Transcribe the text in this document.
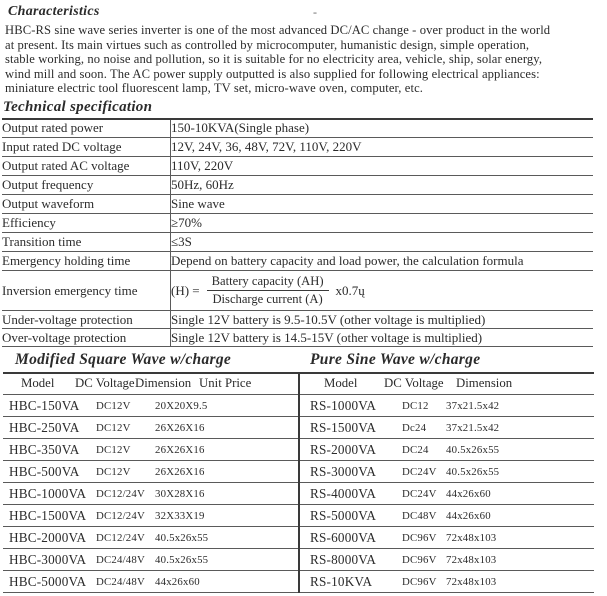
-
Characteristics
HBC-RS sine wave series inverter is one of the most advanced DC/AC change - over product in the world
at present. Its main virtues such as controlled by microcomputer, humanistic design, simple operation,
stable working, no noise and pollution, so it is suitable for no electricity area, vehicle, ship, solar energy,
wind mill and soon. The AC power supply outputted is also supplied for following electrical appliances:
miniature electric tool fluorescent lamp, TV set, micro-wave oven, computer, etc.
Technical specification
Output rated power	150-10KVA(Single phase)
Input rated DC voltage	12V, 24V, 36, 48V, 72V, 110V, 220V
Output rated AC voltage	110V, 220V
Output frequency	50Hz, 60Hz
Output waveform	Sine wave
Efficiency	≥70%
Transition time	≤3S
Emergency holding time	Depend on battery capacity and load power, the calculation formula
Inversion emergency time	$(H) = \frac{\text{Battery capacity (AH)}}{\text{Discharge current (A)}}$ x0.7ų

Under-voltage protection	Single 12V battery is 9.5-10.5V (other voltage is multiplied)
Over-voltage protection	Single 12V battery is 14.5-15V (other voltage is multiplied)
Modified Square Wave w/charge	Pure Sine Wave w/charge
Model DC Voltage Dimension Unit Price
HBC-150VA DC12V 20X20X9.5
HBC-250VA DC12V 26X26X16
HBC-350VA DC12V 26X26X16
HBC-500VA DC12V 26X26X16
HBC-1000VA DC12/24V 30X28X16
HBC-1500VA DC12/24V 32X33X19
HBC-2000VA DC12/24V 40.5x26x55
HBC-3000VA DC24/48V 40.5x26x55
HBC-5000VA DC24/48V 44x26x60
Model DC Voltage Dimension
RS-1000VA DC12 37x21.5x42
RS-1500VA Dc24 37x21.5x42
RS-2000VA DC24 40.5x26x55
RS-3000VA DC24V 40.5x26x55
RS-4000VA DC24V 44x26x60
RS-5000VA DC48V 44x26x60
RS-6000VA DC96V 72x48x103
RS-8000VA DC96V 72x48x103
RS-10KVA	DC96V 72x48x103
